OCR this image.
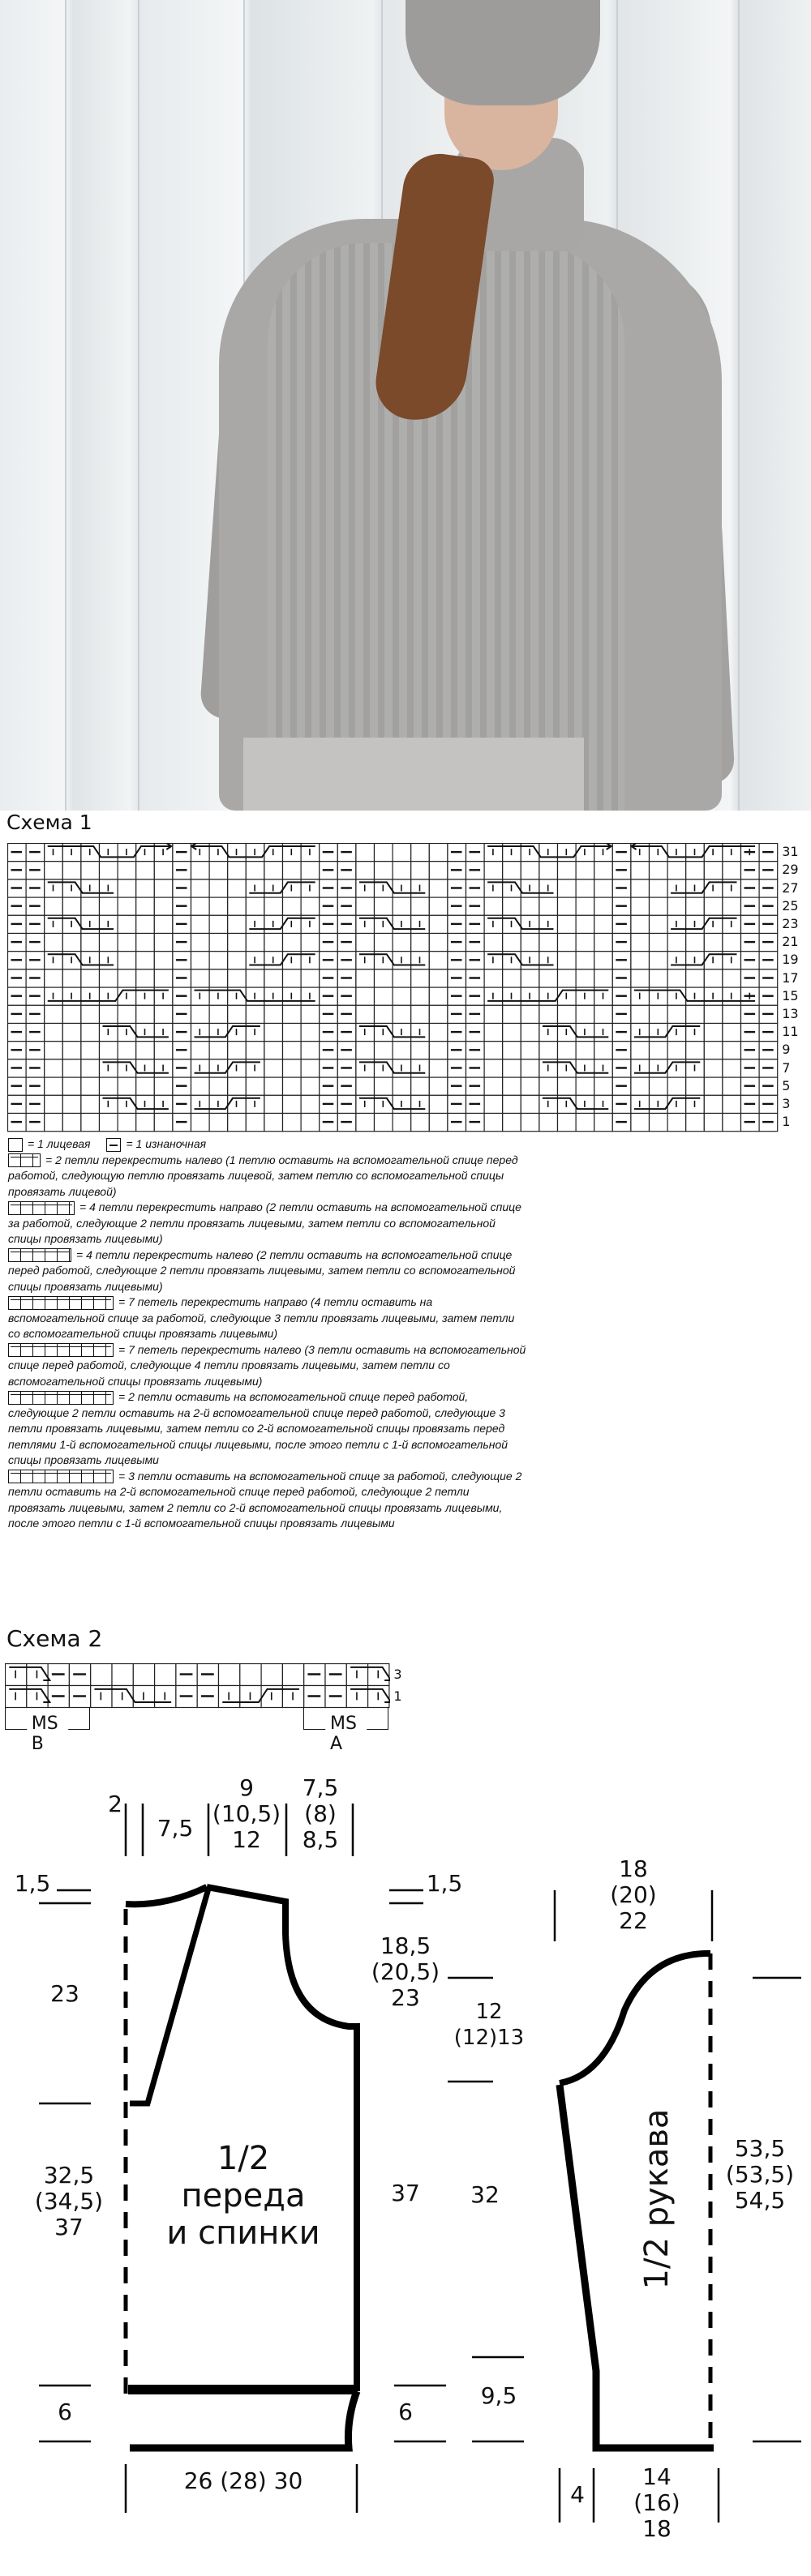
Схема 1
31
29
27
25
23
21
19
17
15
13
11
9
7
5
3
1
= 1 лицевая	= 1 изнаночная
= 2 петли перекрестить налево (1 петлю оставить на вспомогательной спице перед работой, следующую петлю провязать лицевой, затем петлю со вспомогательной спицы провязать лицевой)
= 4 петли перекрестить направо (2 петли оставить на вспомогательной спице за работой, следующие 2 петли провязать лицевыми, затем петли со вспомогательной спицы провязать лицевыми)
= 4 петли перекрестить налево (2 петли оставить на вспомогательной спице перед работой, следующие 2 петли провязать лицевыми, затем петли со вспомогательной спицы провязать лицевыми)
= 7 петель перекрестить направо (4 петли оставить на вспомогательной спице за работой, следующие 3 петли провязать лицевыми, затем петли со вспомогательной спицы провязать лицевыми)
= 7 петель перекрестить налево (3 петли оставить на вспомогательной спице перед работой, следующие 4 петли провязать лицевыми, затем петли со вспомогательной спицы провязать лицевыми)
= 2 петли оставить на вспомогательной спице перед работой, следующие 2 петли оставить на 2-й вспомогательной спице перед работой, следующие 3 петли провязать лицевыми, затем петли со 2-й вспомогательной спицы провязать перед петлями 1-й вспомогательной спицы лицевыми, после этого петли с 1-й вспомогательной спицы провязать лицевыми
= 3 петли оставить на вспомогательной спице за работой, следующие 2 петли оставить на 2-й вспомогательной спице перед работой, следующие 2 петли провязать лицевыми, затем 2 петли со 2-й вспомогательной спицы провязать лицевыми, после этого петли с 1-й вспомогательной спицы провязать лицевыми
Схема 2
3
1
MS B
MS A
2
7,5
9
(10,5)
12
7,5
(8)
8,5
1,5	1,5
23
32,5
(34,5)
37
6
18,5
(20,5)
23
37
6
1/2
переда
и спинки
26 (28) 30
18
(20)
22
12
(12)13
32
9,5
53,5
(53,5)
54,5
4
14
(16)
18
1/2 рукава
